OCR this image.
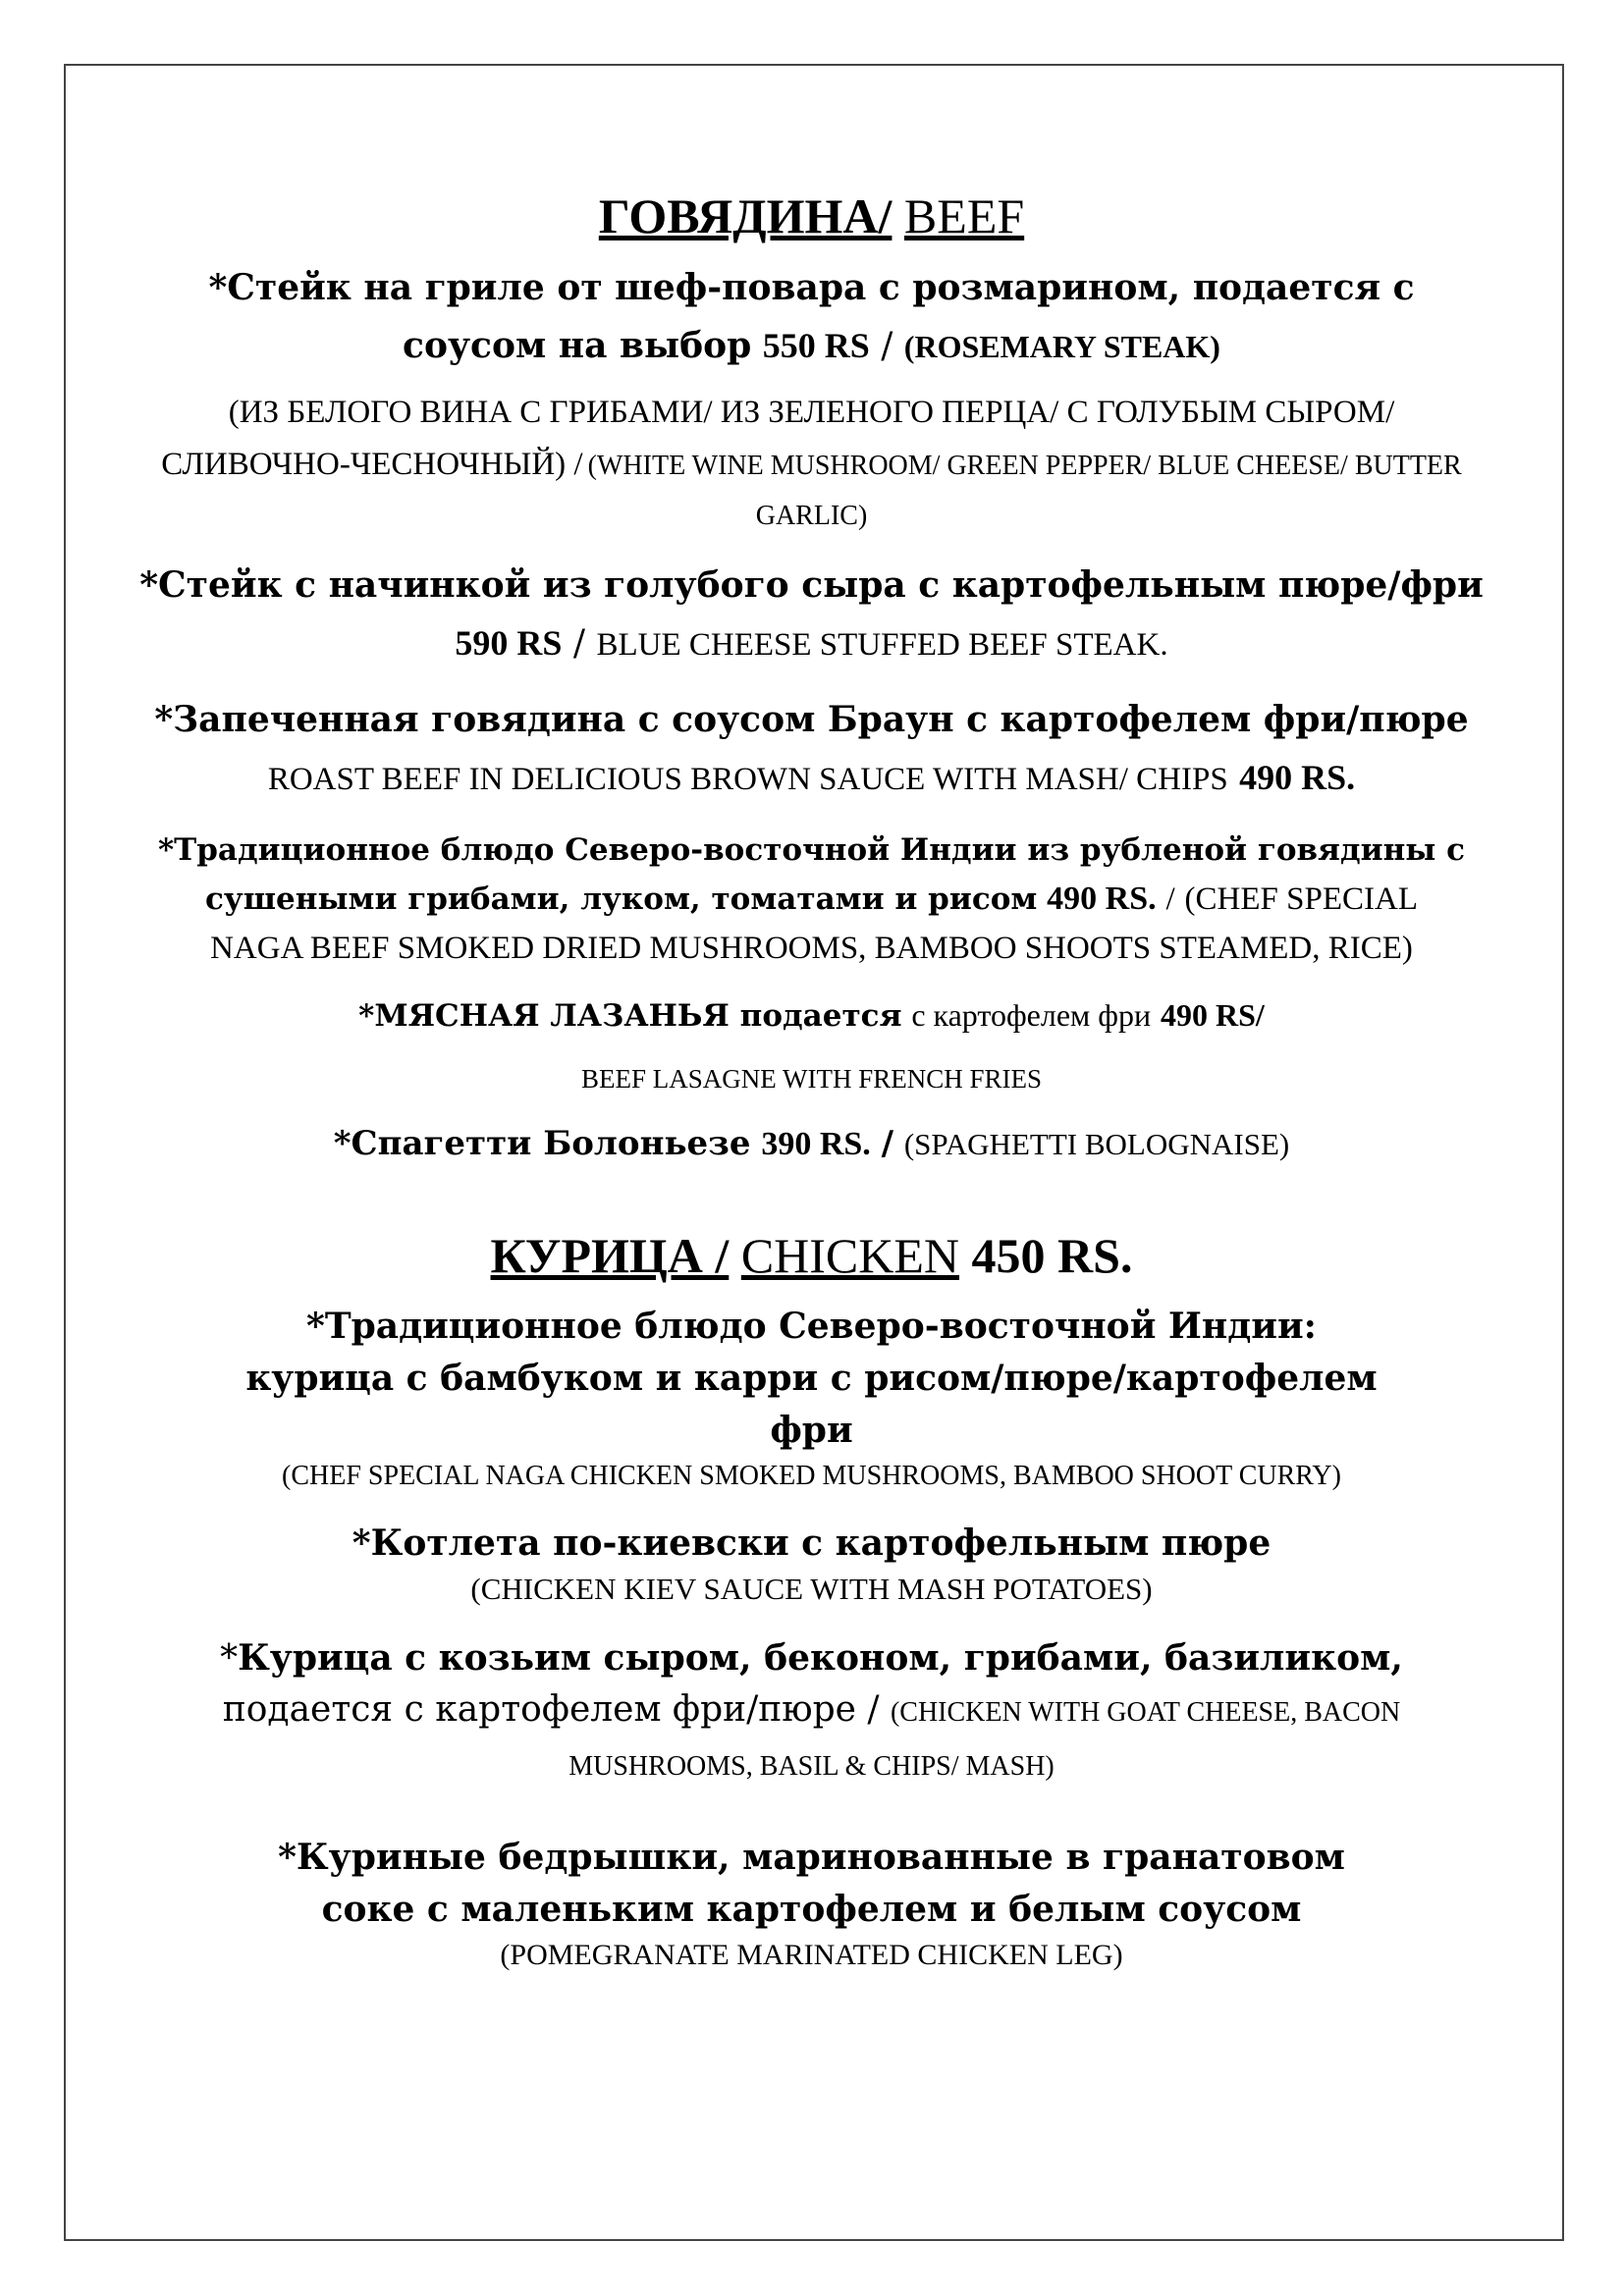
ГОВЯДИНА/ BEEF

*Стейк на гриле от шеф-повара с розмарином, подается с соусом на выбор 550 RS / (ROSEMARY STEAK)

(ИЗ БЕЛОГО ВИНА С ГРИБАМИ/ ИЗ ЗЕЛЕНОГО ПЕРЦА/ С ГОЛУБЫМ СЫРОМ/ СЛИВОЧНО-ЧЕСНОЧНЫЙ) / (WHITE WINE MUSHROOM/ GREEN PEPPER/ BLUE CHEESE/ BUTTER GARLIC)

*Стейк с начинкой из голубого сыра с картофельным пюре/фри
590 RS / BLUE CHEESE STUFFED BEEF STEAK.

*Запеченная говядина с соусом Браун с картофелем фри/пюре
ROAST BEEF IN DELICIOUS BROWN SAUCE WITH MASH/ CHIPS 490 RS.

*Традиционное блюдо Северо-восточной Индии из рубленой говядины с сушеными грибами, луком, томатами и рисом 490 RS. / (CHEF SPECIAL NAGA BEEF SMOKED DRIED MUSHROOMS, BAMBOO SHOOTS STEAMED, RICE)

*МЯСНАЯ ЛАЗАНЬЯ подается с картофелем фри 490 RS/

BEEF LASAGNE WITH FRENCH FRIES

*Спагетти Болоньезе 390 RS. / (SPAGHETTI BOLOGNAISE)

КУРИЦА / CHICKEN 450 RS.

*Традиционное блюдо Северо-восточной Индии: курица с бамбуком и карри с рисом/пюре/картофелем фри

(CHEF SPECIAL NAGA CHICKEN SMOKED MUSHROOMS, BAMBOO SHOOT CURRY)

*Котлета по-киевски с картофельным пюре

(CHICKEN KIEV SAUCE WITH MASH POTATOES)

*Курица с козьим сыром, беконом, грибами, базиликом,
подается с картофелем фри/пюре / (CHICKEN WITH GOAT CHEESE, BACON MUSHROOMS, BASIL & CHIPS/ MASH)

*Куриные бедрышки, маринованные в гранатовом соке с маленьким картофелем и белым соусом

(POMEGRANATE MARINATED CHICKEN LEG)
